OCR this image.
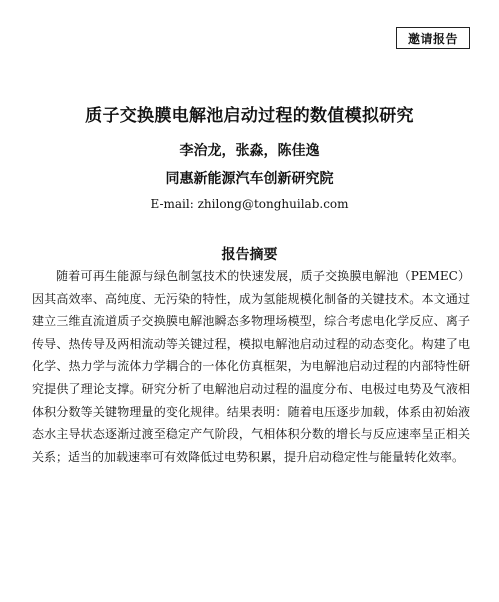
邀请报告
质子交换膜电解池启动过程的数值模拟研究
李治龙，张淼，陈佳逸
同惠新能源汽车创新研究院
E-mail: zhilong@tonghuilab.com
报告摘要

随着可再生能源与绿色制氢技术的快速发展，质子交换膜电解池（PEMEC）因其高效率、高纯度、无污染的特性，成为氢能规模化制备的关键技术。本文通过建立三维直流道质子交换膜电解池瞬态多物理场模型，综合考虑电化学反应、离子传导、热传导及两相流动等关键过程，模拟电解池启动过程的动态变化。构建了电化学、热力学与流体力学耦合的一体化仿真框架，为电解池启动过程的内部特性研究提供了理论支撑。研究分析了电解池启动过程的温度分布、电极过电势及气液相体积分数等关键物理量的变化规律。结果表明：随着电压逐步加载，体系由初始液态水主导状态逐渐过渡至稳定产气阶段，气相体积分数的增长与反应速率呈正相关关系；适当的加载速率可有效降低过电势积累，提升启动稳定性与能量转化效率。
